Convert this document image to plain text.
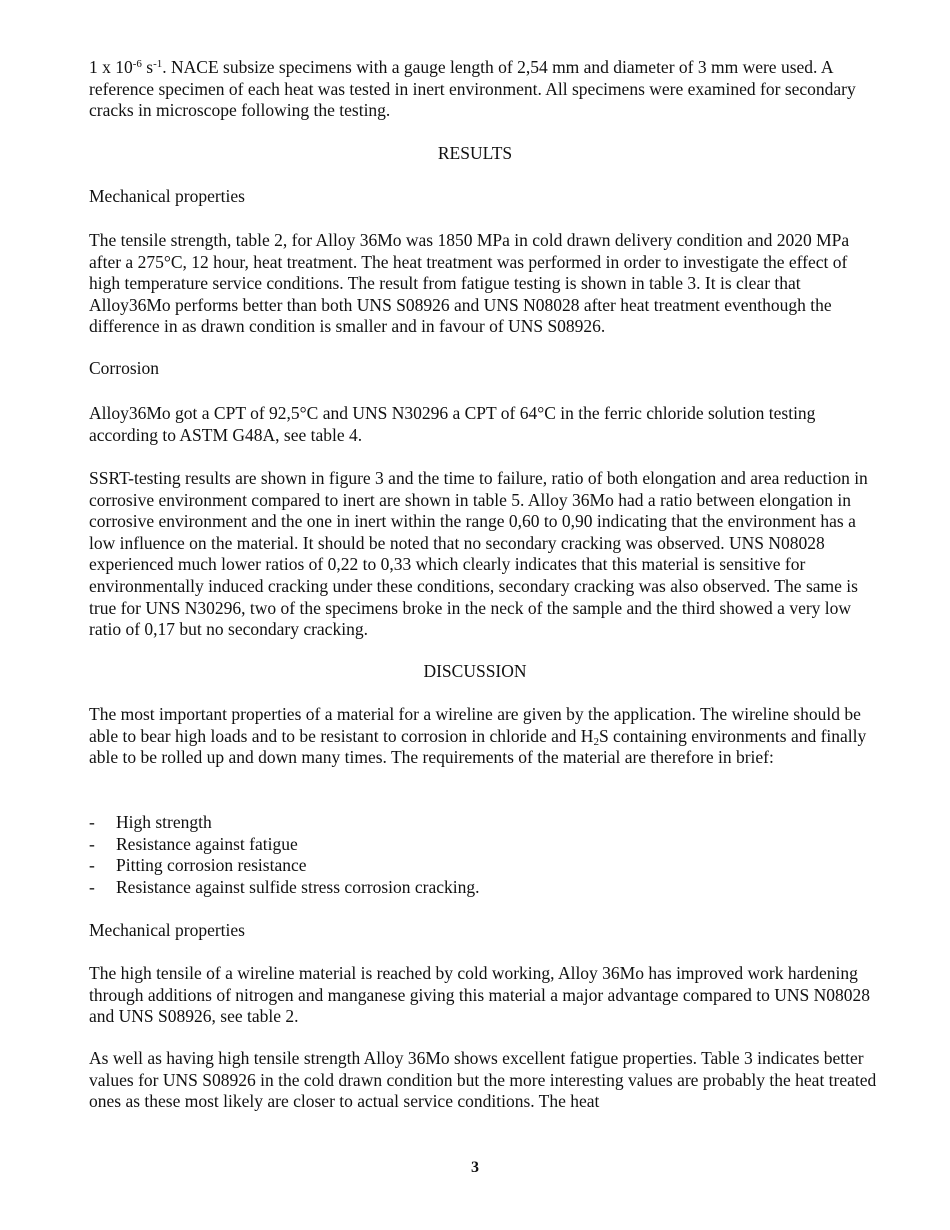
1 x $10^{-6}$ $s^{-1}$. NACE subsize specimens with a gauge length of 2,54 mm and diameter of 3 mm were used. A reference specimen of each heat was tested in inert environment. All specimens were examined for secondary cracks in microscope following the testing.

RESULTS
Mechanical properties

The tensile strength, table 2, for Alloy 36Mo was 1850 MPa in cold drawn delivery condition and 2020 MPa after a 275°C, 12 hour, heat treatment. The heat treatment was performed in order to investigate the effect of high temperature service conditions. The result from fatigue testing is shown in table 3. It is clear that Alloy36Mo performs better than both UNS S08926 and UNS N08028 after heat treatment eventhough the difference in as drawn condition is smaller and in favour of UNS S08926.

Corrosion

Alloy36Mo got a CPT of 92,5°C and UNS N30296 a CPT of 64°C in the ferric chloride solution testing according to ASTM G48A, see table 4.

SSRT-testing results are shown in figure 3 and the time to failure, ratio of both elongation and area reduction in corrosive environment compared to inert are shown in table 5. Alloy 36Mo had a ratio between elongation in corrosive environment and the one in inert within the range 0,60 to 0,90 indicating that the environment has a low influence on the material. It should be noted that no secondary cracking was observed. UNS N08028 experienced much lower ratios of 0,22 to 0,33 which clearly indicates that this material is sensitive for environmentally induced cracking under these conditions, secondary cracking was also observed. The same is true for UNS N30296, two of the specimens broke in the neck of the sample and the third showed a very low ratio of 0,17 but no secondary cracking.

DISCUSSION

The most important properties of a material for a wireline are given by the application. The wireline should be able to bear high loads and to be resistant to corrosion in chloride and $H_2S$ containing environments and finally able to be rolled up and down many times. The requirements of the material are therefore in brief:

- High strength
- Resistance against fatigue
- Pitting corrosion resistance
- Resistance against sulfide stress corrosion cracking.
Mechanical properties

The high tensile of a wireline material is reached by cold working, Alloy 36Mo has improved work hardening through additions of nitrogen and manganese giving this material a major advantage compared to UNS N08028 and UNS S08926, see table 2.

As well as having high tensile strength Alloy 36Mo shows excellent fatigue properties. Table 3 indicates better values for UNS S08926 in the cold drawn condition but the more interesting values are probably the heat treated ones as these most likely are closer to actual service conditions. The heat

3
